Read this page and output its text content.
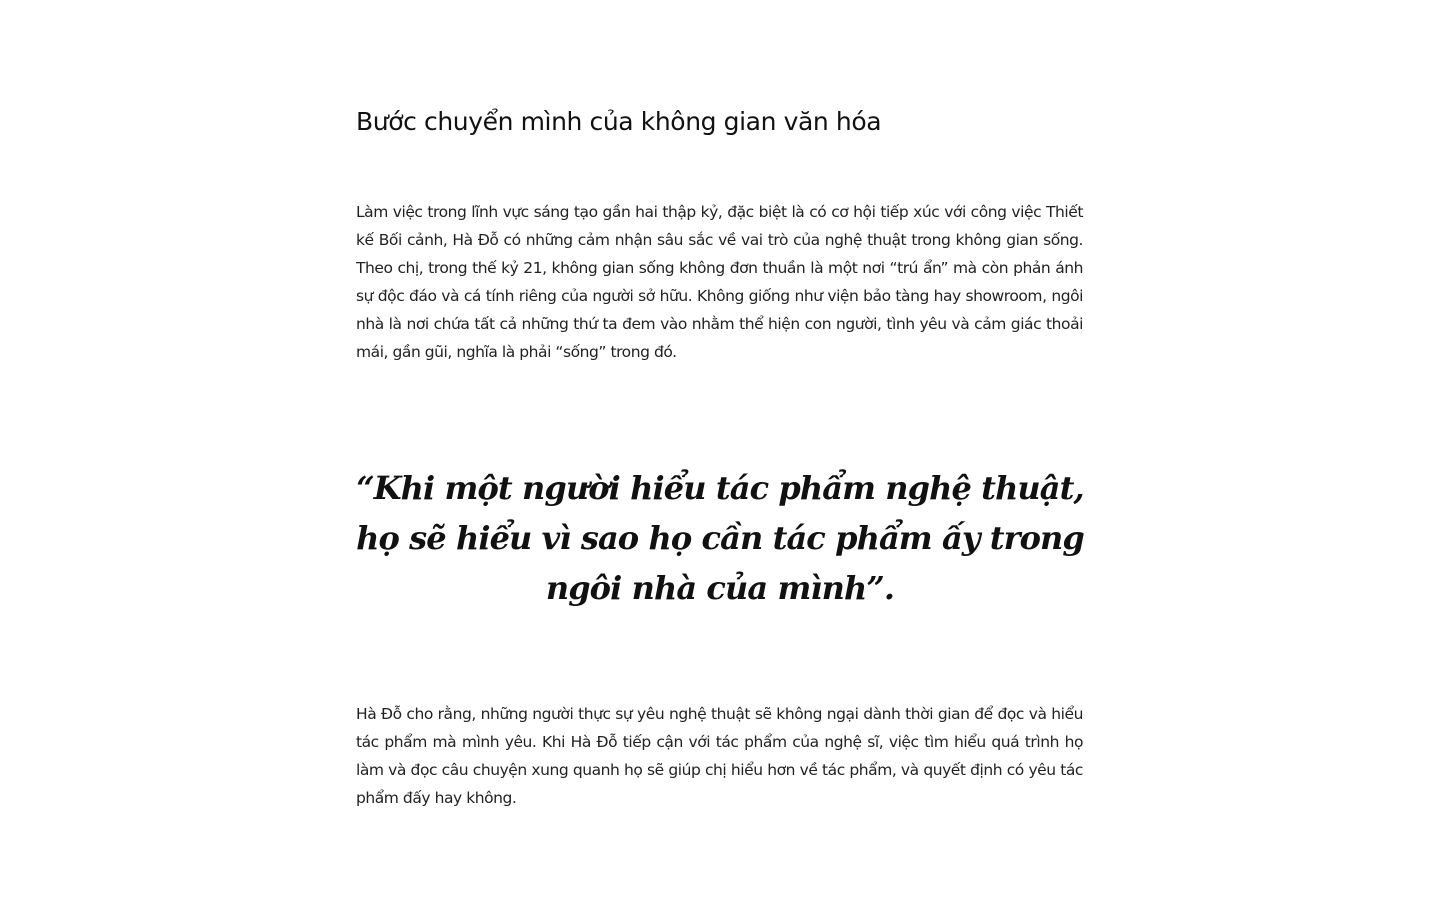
Bước chuyển mình của không gian văn hóa

Làm việc trong lĩnh vực sáng tạo gần hai thập kỷ, đặc biệt là có cơ hội tiếp xúc với công việc Thiết kế Bối cảnh, Hà Đỗ có những cảm nhận sâu sắc về vai trò của nghệ thuật trong không gian sống. Theo chị, trong thế kỷ 21, không gian sống không đơn thuần là một nơi “trú ẩn” mà còn phản ánh sự độc đáo và cá tính riêng của người sở hữu. Không giống như viện bảo tàng hay showroom, ngôi nhà là nơi chứa tất cả những thứ ta đem vào nhằm thể hiện con người, tình yêu và cảm giác thoải mái, gần gũi, nghĩa là phải “sống” trong đó.

“Khi một người hiểu tác phẩm nghệ thuật, họ sẽ hiểu vì sao họ cần tác phẩm ấy trong ngôi nhà của mình”.

Hà Đỗ cho rằng, những người thực sự yêu nghệ thuật sẽ không ngại dành thời gian để đọc và hiểu tác phẩm mà mình yêu. Khi Hà Đỗ tiếp cận với tác phẩm của nghệ sĩ, việc tìm hiểu quá trình họ làm và đọc câu chuyện xung quanh họ sẽ giúp chị hiểu hơn về tác phẩm, và quyết định có yêu tác phẩm đấy hay không.
